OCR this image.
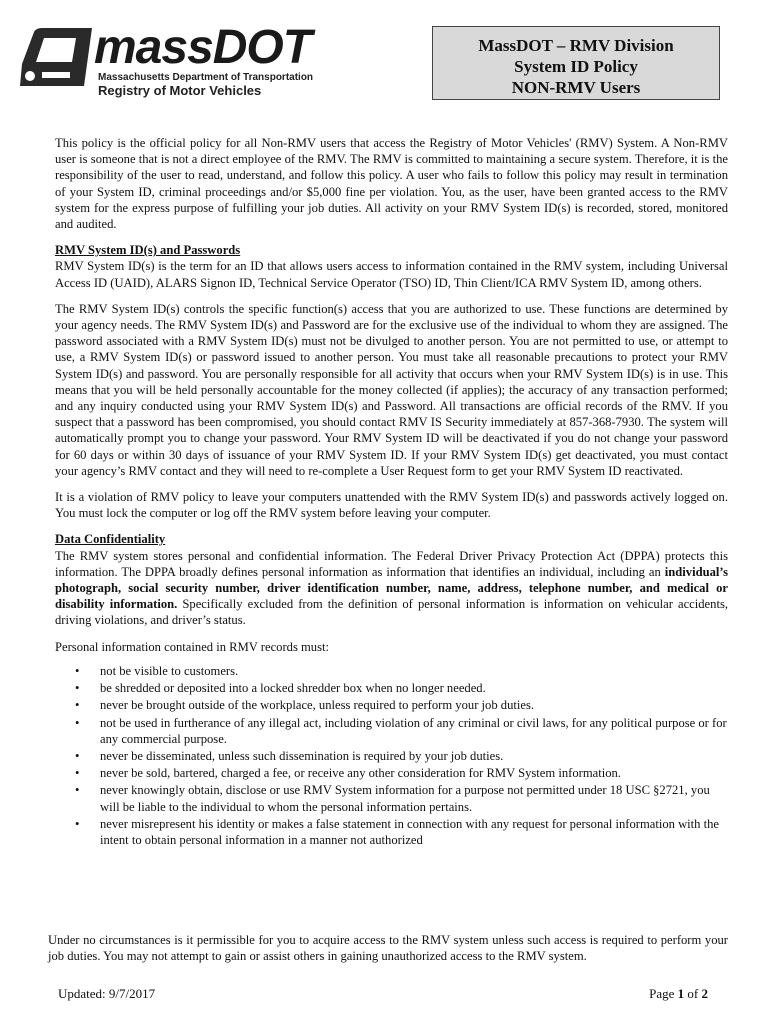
massDOT
Massachusetts Department of Transportation
Registry of Motor Vehicles
MassDOT – RMV Division
System ID Policy
NON-RMV Users

This policy is the official policy for all Non-RMV users that access the Registry of Motor Vehicles' (RMV) System. A Non-RMV user is someone that is not a direct employee of the RMV. The RMV is committed to maintaining a secure system. Therefore, it is the responsibility of the user to read, understand, and follow this policy. A user who fails to follow this policy may result in termination of your System ID, criminal proceedings and/or $5,000 fine per violation. You, as the user, have been granted access to the RMV system for the express purpose of fulfilling your job duties. All activity on your RMV System ID(s) is recorded, stored, monitored and audited.

RMV System ID(s) and Passwords

RMV System ID(s) is the term for an ID that allows users access to information contained in the RMV system, including Universal Access ID (UAID), ALARS Signon ID, Technical Service Operator (TSO) ID, Thin Client/ICA RMV System ID, among others.

The RMV System ID(s) controls the specific function(s) access that you are authorized to use. These functions are determined by your agency needs. The RMV System ID(s) and Password are for the exclusive use of the individual to whom they are assigned. The password associated with a RMV System ID(s) must not be divulged to another person. You are not permitted to use, or attempt to use, a RMV System ID(s) or password issued to another person. You must take all reasonable precautions to protect your RMV System ID(s) and password. You are personally responsible for all activity that occurs when your RMV System ID(s) is in use. This means that you will be held personally accountable for the money collected (if applies); the accuracy of any transaction performed; and any inquiry conducted using your RMV System ID(s) and Password. All transactions are official records of the RMV. If you suspect that a password has been compromised, you should contact RMV IS Security immediately at 857-368-7930. The system will automatically prompt you to change your password. Your RMV System ID will be deactivated if you do not change your password for 60 days or within 30 days of issuance of your RMV System ID. If your RMV System ID(s) get deactivated, you must contact your agency’s RMV contact and they will need to re-complete a User Request form to get your RMV System ID reactivated.

It is a violation of RMV policy to leave your computers unattended with the RMV System ID(s) and passwords actively logged on. You must lock the computer or log off the RMV system before leaving your computer.

Data Confidentiality

The RMV system stores personal and confidential information. The Federal Driver Privacy Protection Act (DPPA) protects this information. The DPPA broadly defines personal information as information that identifies an individual, including an individual’s photograph, social security number, driver identification number, name, address, telephone number, and medical or disability information. Specifically excluded from the definition of personal information is information on vehicular accidents, driving violations, and driver’s status.

Personal information contained in RMV records must:

• not be visible to customers.
• be shredded or deposited into a locked shredder box when no longer needed.
• never be brought outside of the workplace, unless required to perform your job duties.
• not be used in furtherance of any illegal act, including violation of any criminal or civil laws, for any political purpose or for any commercial purpose.
• never be disseminated, unless such dissemination is required by your job duties.
• never be sold, bartered, charged a fee, or receive any other consideration for RMV System information.
• never knowingly obtain, disclose or use RMV System information for a purpose not permitted under 18 USC §2721, you will be liable to the individual to whom the personal information pertains.
• never misrepresent his identity or makes a false statement in connection with any request for personal information with the intent to obtain personal information in a manner not authorized
Under no circumstances is it permissible for you to acquire access to the RMV system unless such access is required to perform your job duties. You may not attempt to gain or assist others in gaining unauthorized access to the RMV system.
Updated: 9/7/2017	Page 1 of 2
